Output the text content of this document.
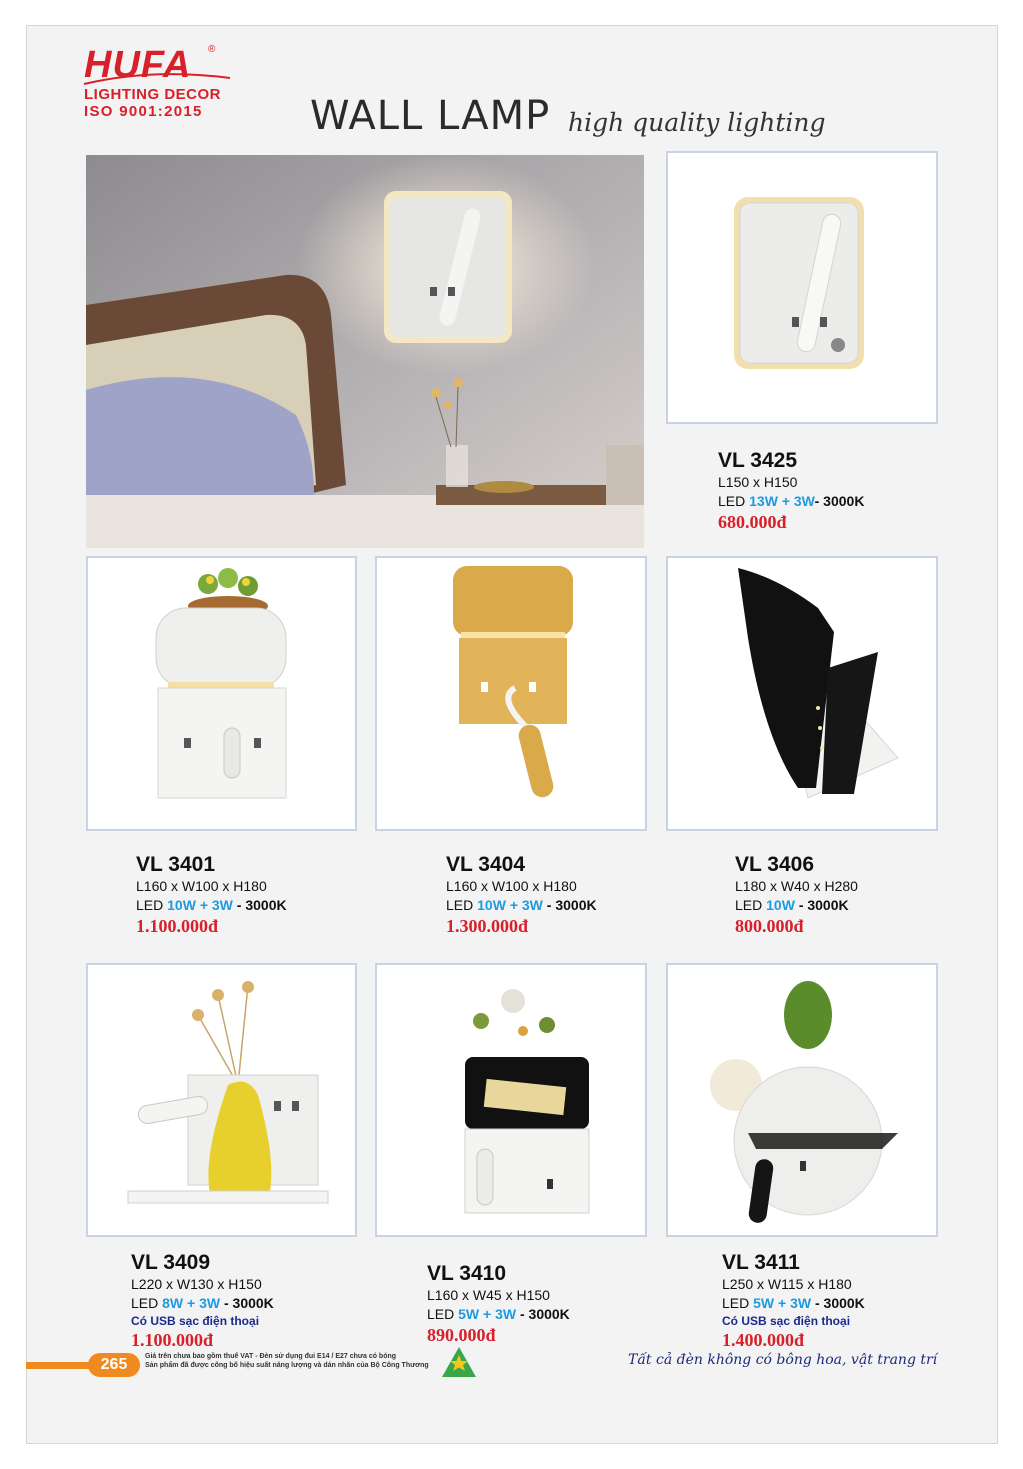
HUFA ®
LIGHTING DECOR
ISO 9001:2015	WALL LAMP high quality lighting
VL 3425
L150 x H150
LED 13W + 3W- 3000K
680.000đ
VL 3401
L160 x W100 x H180
LED 10W + 3W - 3000K
1.100.000đ
VL 3404
L160 x W100 x H180
LED 10W + 3W - 3000K
1.300.000đ
VL 3406
L180 x W40 x H280
LED 10W - 3000K
800.000đ
VL 3409
L220 x W130 x H150
LED 8W + 3W - 3000K
Có USB sạc điện thoại
1.100.000đ
VL 3410
L160 x W45 x H150
LED 5W + 3W - 3000K
890.000đ
VL 3411
L250 x W115 x H180
LED 5W + 3W - 3000K
Có USB sạc điện thoại
1.400.000đ
265	Giá trên chưa bao gồm thuế VAT - Đèn sử dụng đui E14 / E27 chưa có bóng
Sản phẩm đã được công bố hiệu suất năng lượng và dán nhãn của Bộ Công Thương	Tất cả đèn không có bông hoa, vật trang trí
